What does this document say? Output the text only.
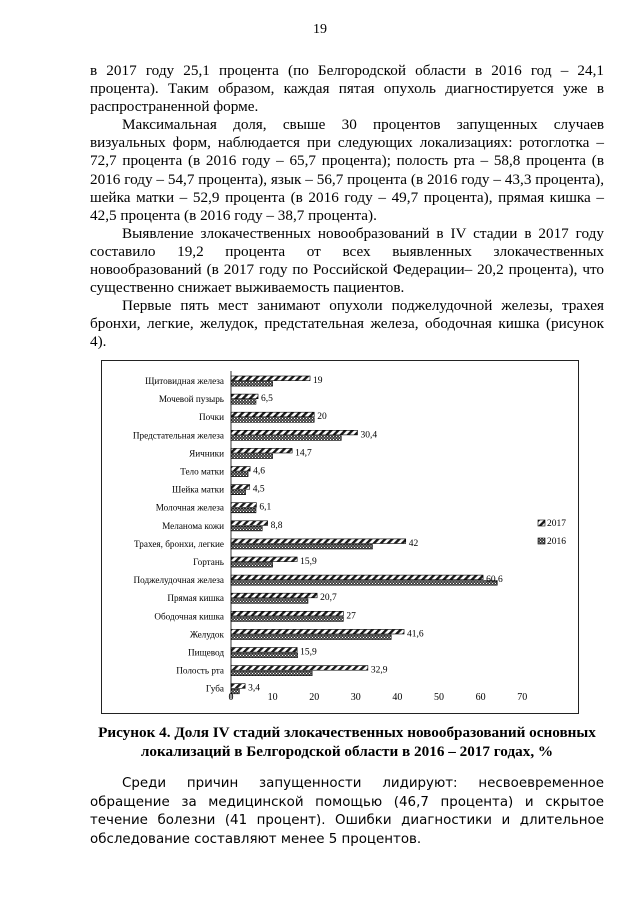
19

в 2017 году 25,1 процента (по Белгородской области в 2016 год – 24,1 процента). Таким образом, каждая пятая опухоль диагностируется уже в распространенной форме.

Максимальная доля, свыше 30 процентов запущенных случаев визуальных форм, наблюдается при следующих локализациях: ротоглотка – 72,7 процента (в 2016 году – 65,7 процента); полость рта – 58,8 процента (в 2016 году – 54,7 процента), язык – 56,7 процента (в 2016 году – 43,3 процента), шейка матки – 52,9 процента (в 2016 году – 49,7 процента), прямая кишка – 42,5 процента (в 2016 году – 38,7 процента).

Выявление злокачественных новообразований в IV стадии в 2017 году составило 19,2 процента от всех выявленных злокачественных новообразований (в 2017 году по Российской Федерации– 20,2 процента), что существенно снижает выживаемость пациентов.

Первые пять мест занимают опухоли поджелудочной железы, трахея бронхи, легкие, желудок, предстательная железа, ободочная кишка (рисунок 4).

Щитовидная железа	19
Мочевой пузырь	6,5
Почки	20
Предстательная железа	30,4
Яичники	14,7
Тело матки	4,6
Шейка матки	4,5
Молочная железа	6,1
Меланома кожи	8,8
Трахея, бронхи, легкие	42
Гортань	15,9
Поджелудочная железа	60,6
Прямая кишка	20,7
Ободочная кишка	27
Желудок	41,6
Пищевод	15,9
Полость рта	32,9
Губа	3,4
0	10	20	30	40	50	60	70
2017
2016
Рисунок 4. Доля IV стадий злокачественных новообразований основных локализаций в Белгородской области в 2016 – 2017 годах, %

Среди причин запущенности лидируют: несвоевременное обращение за медицинской помощью (46,7 процента) и скрытое течение болезни (41 процент). Ошибки диагностики и длительное обследование составляют менее 5 процентов.
